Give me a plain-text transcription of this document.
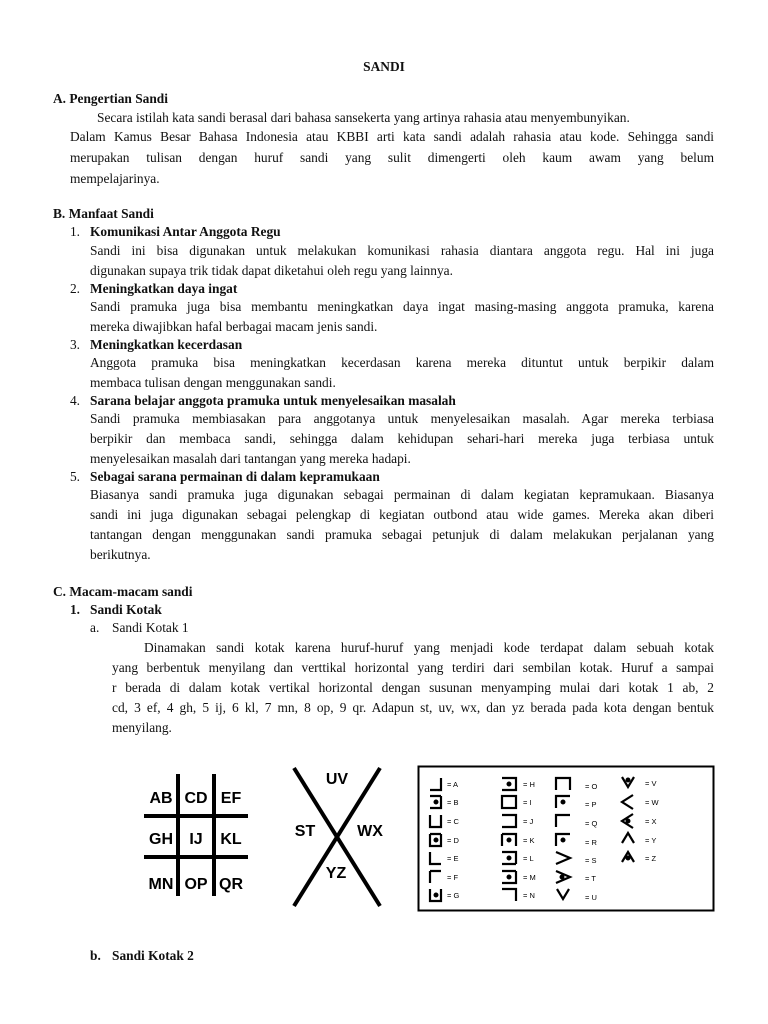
SANDI
A. Pengertian Sandi
Secara istilah kata sandi berasal dari bahasa sansekerta yang artinya rahasia atau menyembunyikan.
Dalam Kamus Besar Bahasa Indonesia atau KBBI arti kata sandi adalah rahasia atau kode. Sehingga sandi
merupakan tulisan dengan huruf sandi yang sulit dimengerti oleh kaum awam yang belum
mempelajarinya.
B. Manfaat Sandi
1. Komunikasi Antar Anggota Regu
Sandi ini bisa digunakan untuk melakukan komunikasi rahasia diantara anggota regu. Hal ini juga
digunakan supaya trik tidak dapat diketahui oleh regu yang lainnya.
2. Meningkatkan daya ingat
Sandi pramuka juga bisa membantu meningkatkan daya ingat masing-masing anggota pramuka, karena
mereka diwajibkan hafal berbagai macam jenis sandi.
3. Meningkatkan kecerdasan
Anggota pramuka bisa meningkatkan kecerdasan karena mereka dituntut untuk berpikir dalam
membaca tulisan dengan menggunakan sandi.
4. Sarana belajar anggota pramuka untuk menyelesaikan masalah
Sandi pramuka membiasakan para anggotanya untuk menyelesaikan masalah. Agar mereka terbiasa
berpikir dan membaca sandi, sehingga dalam kehidupan sehari-hari mereka juga terbiasa untuk
menyelesaikan masalah dari tantangan yang mereka hadapi.
5. Sebagai sarana permainan di dalam kepramukaan
Biasanya sandi pramuka juga digunakan sebagai permainan di dalam kegiatan kepramukaan. Biasanya
sandi ini juga digunakan sebagai pelengkap di kegiatan outbond atau wide games. Mereka akan diberi
tantangan dengan menggunakan sandi pramuka sebagai petunjuk di dalam melakukan perjalanan yang
berikutnya.
C. Macam-macam sandi
1. Sandi Kotak
a. Sandi Kotak 1
Dinamakan sandi kotak karena huruf-huruf yang menjadi kode terdapat dalam sebuah kotak
yang berbentuk menyilang dan verttikal horizontal yang terdiri dari sembilan kotak. Huruf a sampai
r berada di dalam kotak vertikal horizontal dengan susunan menyamping mulai dari kotak 1 ab, 2
cd, 3 ef, 4 gh, 5 ij, 6 kl, 7 mn, 8 op, 9 qr. Adapun st, uv, wx, dan yz berada pada kota dengan bentuk
menyilang.
AB CD EF
GH IJ KL
MN OP QR
UV
ST	WX
YZ
= A
= B
= C
= D
= E
= F
= G
= H
= I
= J
= K
= L
= M
= N
= O
= P
= Q
= R
= S
= T
= U
= V
= W
= X
= Y
= Z
b. Sandi Kotak 2
